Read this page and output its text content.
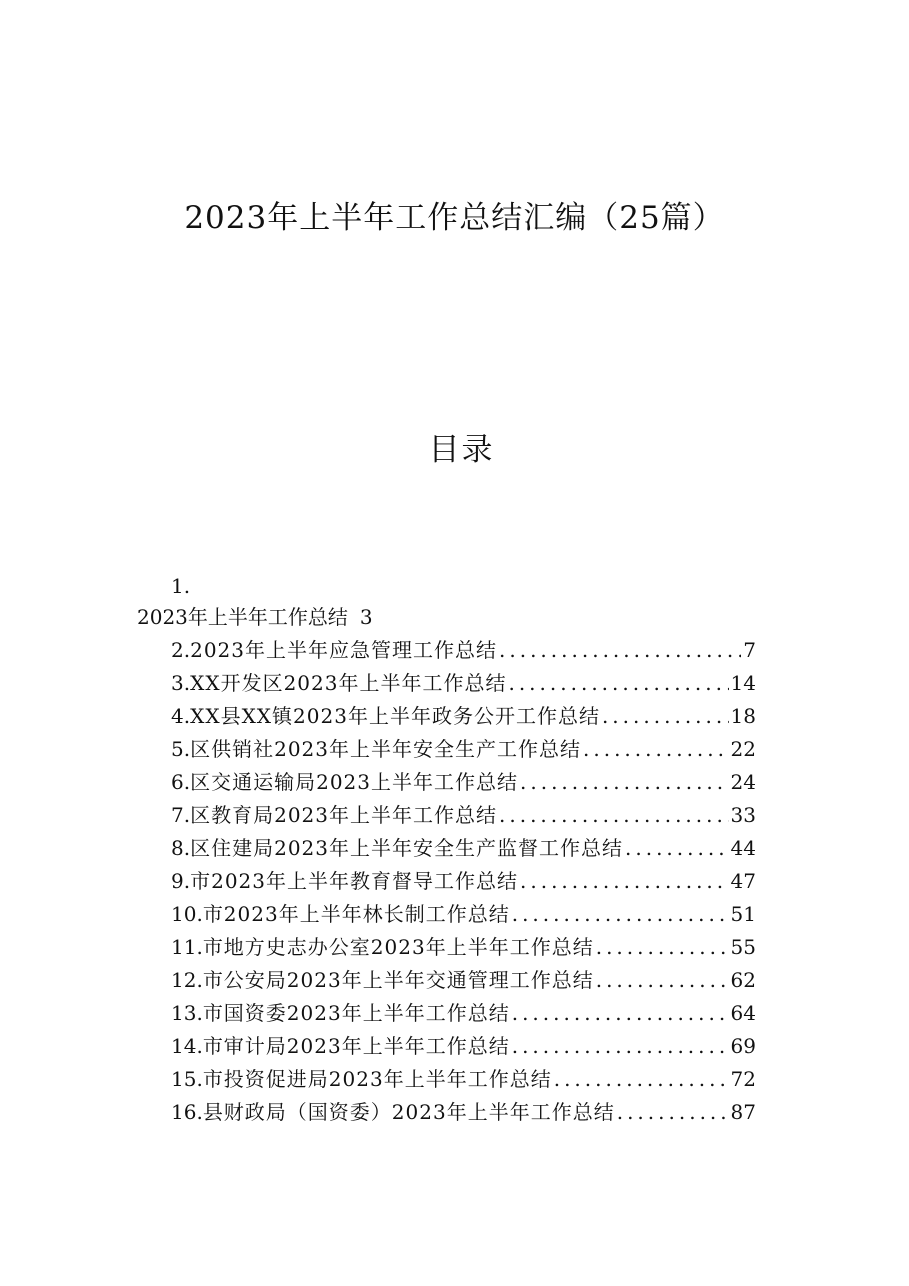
2023年上半年工作总结汇编（25篇）
目录
1.
2023年上半年工作总结 3
2. 2023年上半年应急管理工作总结 .....	7
3. XX开发区2023年上半年工作总结 .....	14
4. XX县XX镇2023年上半年政务公开工作总结 .....	18
5. 区供销社2023年上半年安全生产工作总结 .....	22
6. 区交通运输局2023上半年工作总结 .....	24
7. 区教育局2023年上半年工作总结 .....	33
8. 区住建局2023年上半年安全生产监督工作总结 .....	44
9. 市2023年上半年教育督导工作总结 .....	47
10. 市2023年上半年林长制工作总结 .....	51
11. 市地方史志办公室2023年上半年工作总结 .....	55
12. 市公安局2023年上半年交通管理工作总结 .....	62
13. 市国资委2023年上半年工作总结 .....	64
14. 市审计局2023年上半年工作总结 .....	69
15. 市投资促进局2023年上半年工作总结 .....	72
16. 县财政局（国资委）2023年上半年工作总结 .....	87
